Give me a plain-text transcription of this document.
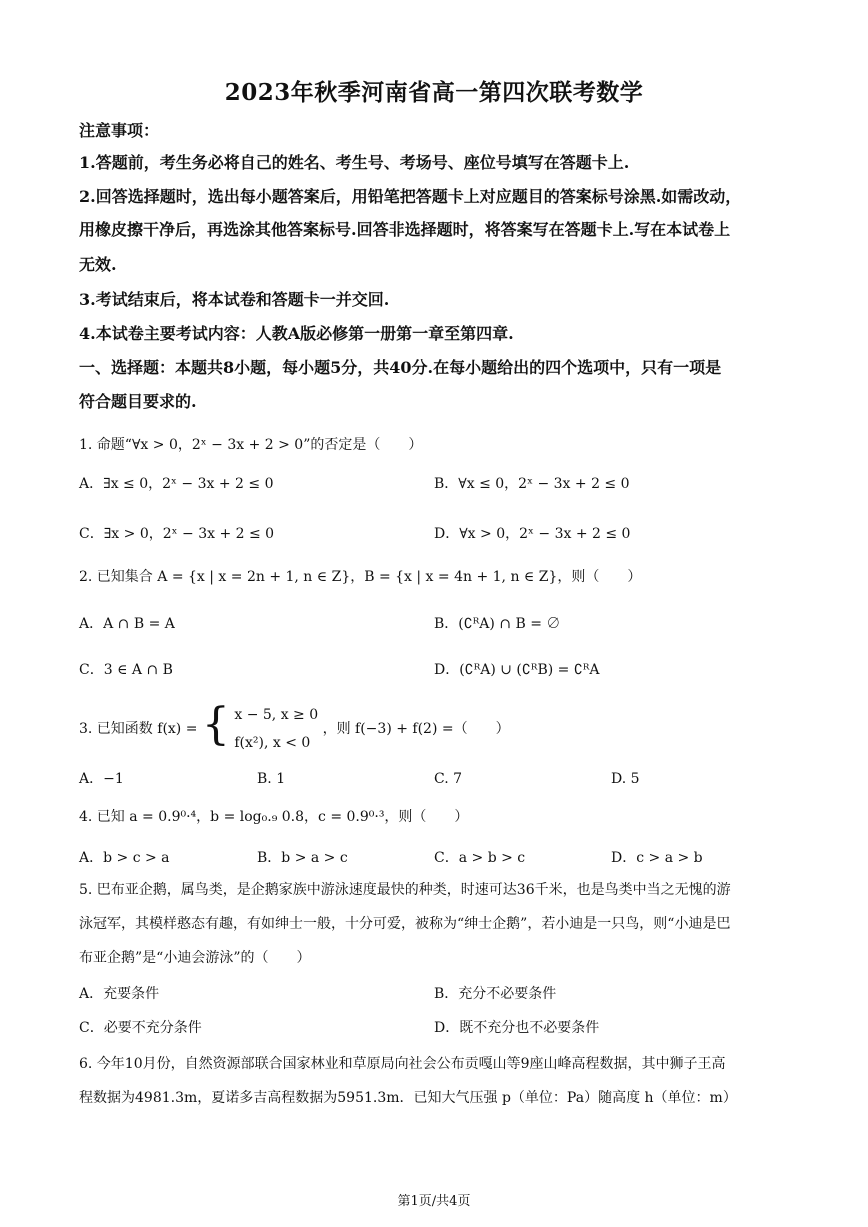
2023年秋季河南省高一第四次联考数学
注意事项：
1.答题前，考生务必将自己的姓名、考生号、考场号、座位号填写在答题卡上.
2.回答选择题时，选出每小题答案后，用铅笔把答题卡上对应题目的答案标号涂黑.如需改动，
用橡皮擦干净后，再选涂其他答案标号.回答非选择题时，将答案写在答题卡上.写在本试卷上
无效.
3.考试结束后，将本试卷和答题卡一并交回.
4.本试卷主要考试内容：人教A版必修第一册第一章至第四章.
一、选择题：本题共8小题，每小题5分，共40分.在每小题给出的四个选项中，只有一项是
符合题目要求的.
1. 命题“∀x > 0，2ˣ − 3x + 2 > 0”的否定是（　　）
A．∃x ≤ 0，2ˣ − 3x + 2 ≤ 0	B．∀x ≤ 0，2ˣ − 3x + 2 ≤ 0
C．∃x > 0，2ˣ − 3x + 2 ≤ 0	D．∀x > 0，2ˣ − 3x + 2 ≤ 0
2. 已知集合 A = {x | x = 2n + 1, n ∈ Z}，B = {x | x = 4n + 1, n ∈ Z}，则（　　）
A．A ∩ B = A	B．(∁ᴿA) ∩ B = ∅
C．3 ∈ A ∩ B	D．(∁ᴿA) ∪ (∁ᴿB) = ∁ᴿA
3. 已知函数 f(x) = { x − 5, x ≥ 0
f(x²), x < 0
，则 f(−3) + f(2) =（　　）
A．−1	B. 1	C. 7	D. 5
4. 已知 a = 0.9⁰·⁴，b = log₀.₉ 0.8，c = 0.9⁰·³，则（　　）
A．b > c > a	B．b > a > c	C．a > b > c	D．c > a > b
5. 巴布亚企鹅，属鸟类，是企鹅家族中游泳速度最快的种类，时速可达36千米，也是鸟类中当之无愧的游
泳冠军，其模样憨态有趣，有如绅士一般，十分可爱，被称为“绅士企鹅”，若小迪是一只鸟，则“小迪是巴
布亚企鹅”是“小迪会游泳”的（　　）
A．充要条件	B．充分不必要条件
C．必要不充分条件	D．既不充分也不必要条件
6. 今年10月份，自然资源部联合国家林业和草原局向社会公布贡嘎山等9座山峰高程数据，其中狮子王高
程数据为4981.3m，夏诺多吉高程数据为5951.3m．已知大气压强 p（单位：Pa）随高度 h（单位：m）
第1页/共4页
